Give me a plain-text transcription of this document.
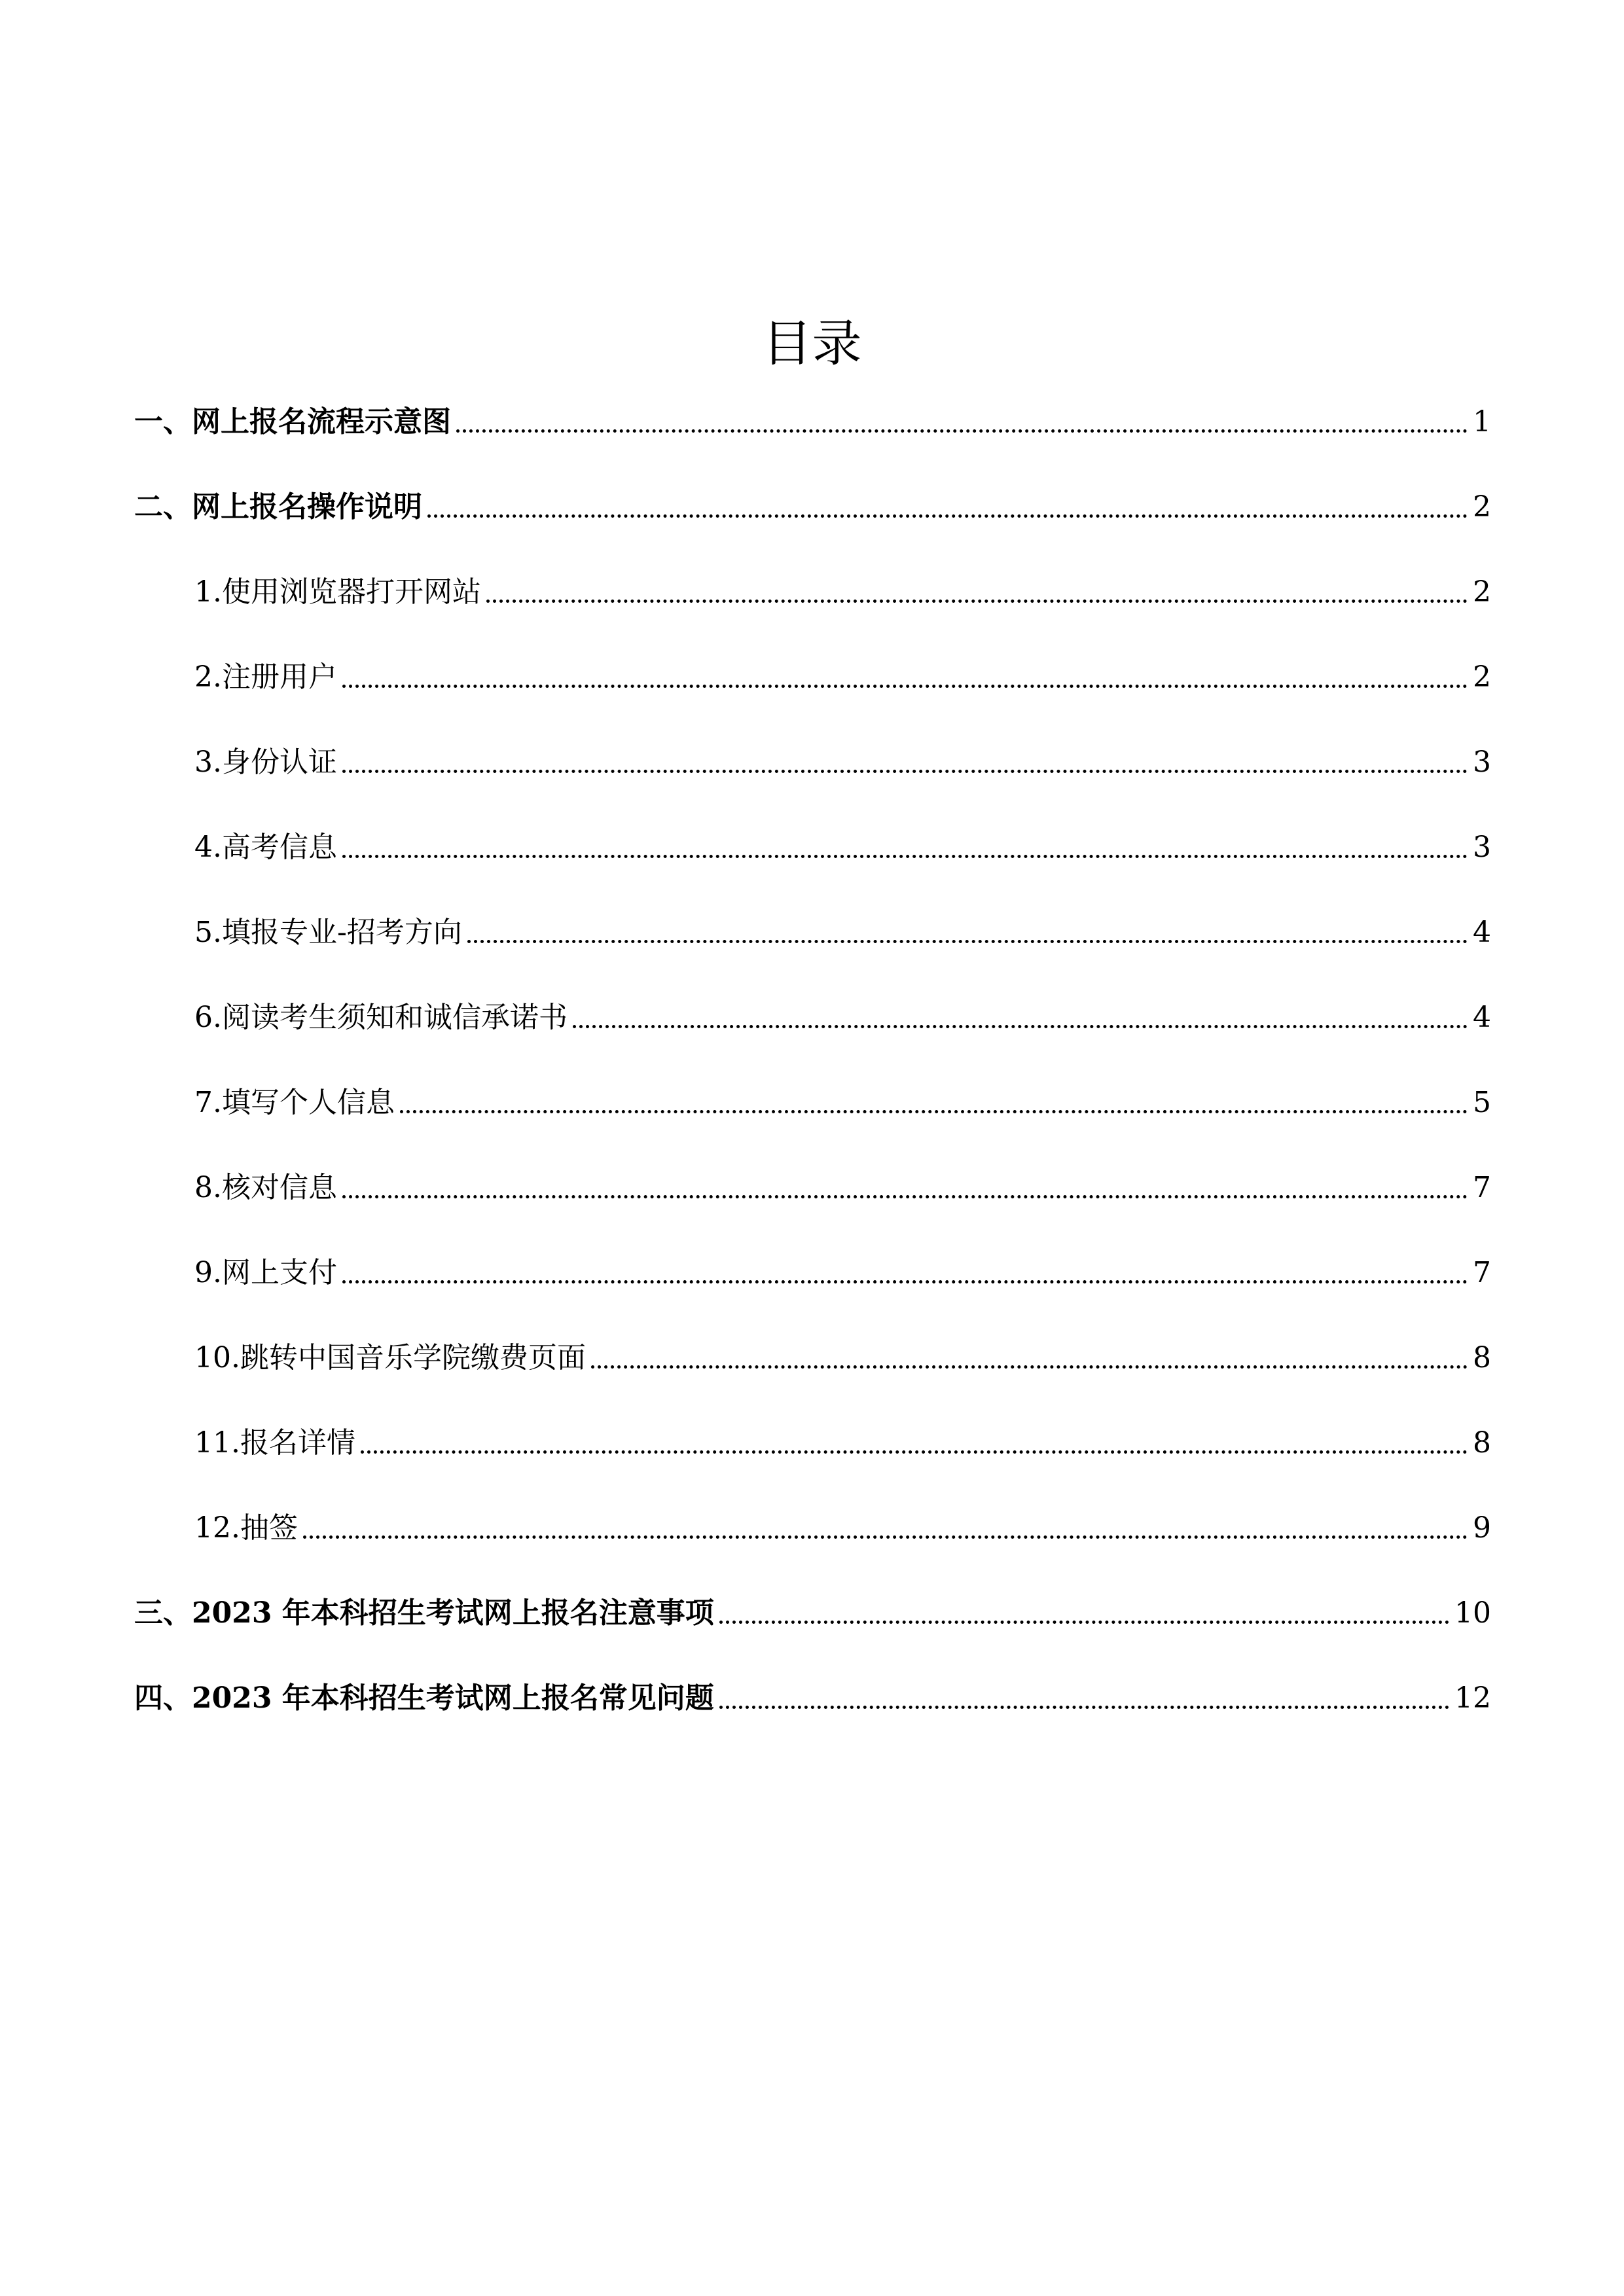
目录
一、网上报名流程示意图	1
二、网上报名操作说明	2
1.使用浏览器打开网站	2
2.注册用户	2
3.身份认证	3
4.高考信息	3
5.填报专业-招考方向	4
6.阅读考生须知和诚信承诺书	4
7.填写个人信息	5
8.核对信息	7
9.网上支付	7
10.跳转中国音乐学院缴费页面	8
11.报名详情	8
12.抽签	9
三、2023 年本科招生考试网上报名注意事项	10
四、2023 年本科招生考试网上报名常见问题	12
